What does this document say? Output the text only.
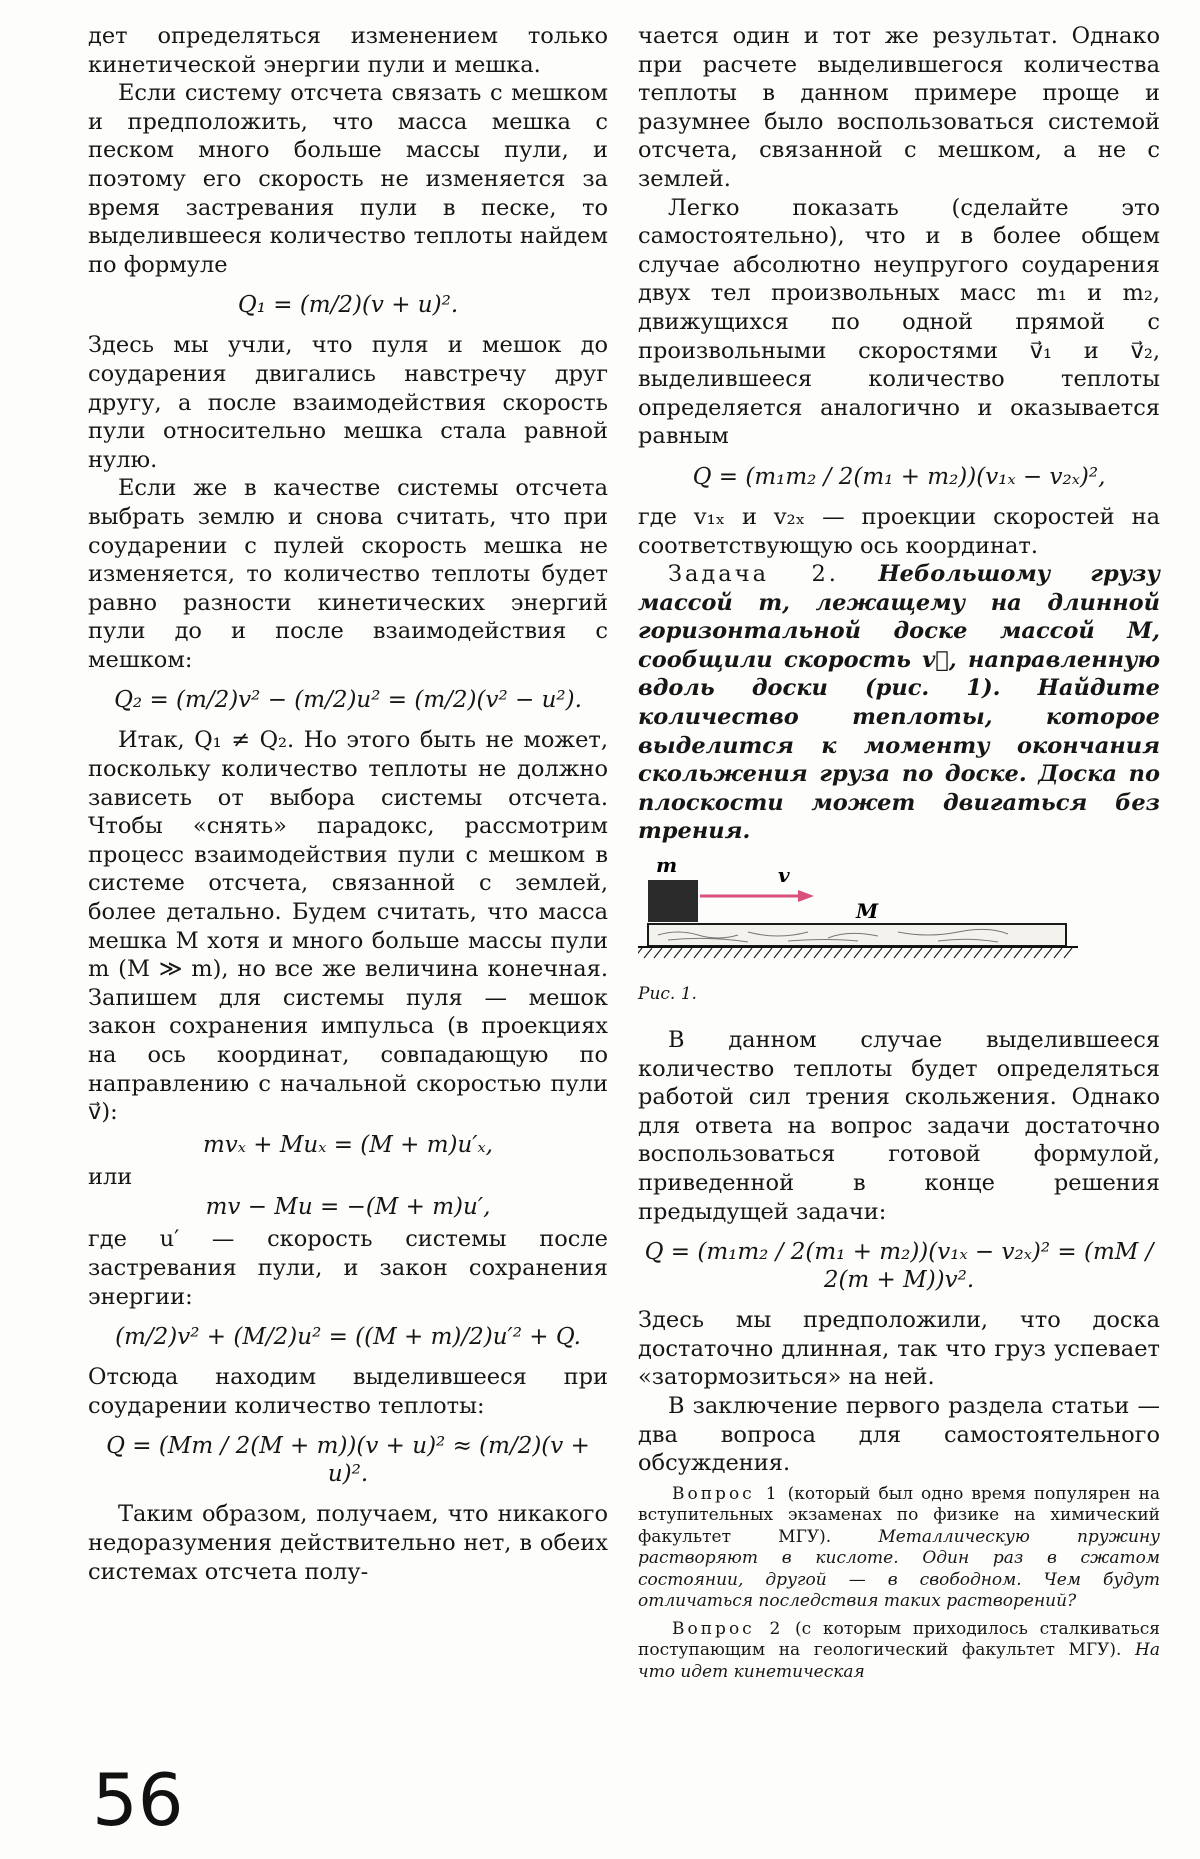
дет определяться изменением только кинетической энергии пули и мешка.

Если систему отсчета связать с мешком и предположить, что масса мешка с песком много больше массы пули, и поэтому его скорость не изменяется за время застревания пули в песке, то выделившееся количество теплоты найдем по формуле

Q₁ = (m/2)(v + u)².

Здесь мы учли, что пуля и мешок до соударения двигались навстречу друг другу, а после взаимодействия скорость пули относительно мешка стала равной нулю.

Если же в качестве системы отсчета выбрать землю и снова считать, что при соударении с пулей скорость мешка не изменяется, то количество теплоты будет равно разности кинетических энергий пули до и после взаимодействия с мешком:

Q₂ = (m/2)v² − (m/2)u² = (m/2)(v² − u²).

Итак, Q₁ ≠ Q₂. Но этого быть не может, поскольку количество теплоты не должно зависеть от выбора системы отсчета. Чтобы «снять» парадокс, рассмотрим процесс взаимодействия пули с мешком в системе отсчета, связанной с землей, более детально. Будем считать, что масса мешка M хотя и много больше массы пули m (M ≫ m), но все же величина конечная. Запишем для системы пуля — мешок закон сохранения импульса (в проекциях на ось координат, совпадающую по направлению с начальной скоростью пули v⃗):

mvₓ + Muₓ = (M + m)u′ₓ,

или

mv − Mu = −(M + m)u′,

где u′ — скорость системы после застревания пули, и закон сохранения энергии:

(m/2)v² + (M/2)u² = ((M + m)/2)u′² + Q.

Отсюда находим выделившееся при соударении количество теплоты:

Q = (Mm / 2(M + m))(v + u)² ≈ (m/2)(v + u)².

Таким образом, получаем, что никакого недоразумения действительно нет, в обеих системах отсчета полу-

чается один и тот же результат. Однако при расчете выделившегося количества теплоты в данном примере проще и разумнее было воспользоваться системой отсчета, связанной с мешком, а не с землей.

Легко показать (сделайте это самостоятельно), что и в более общем случае абсолютно неупругого соударения двух тел произвольных масс m₁ и m₂, движущихся по одной прямой с произвольными скоростями v⃗₁ и v⃗₂, выделившееся количество теплоты определяется аналогично и оказывается равным

Q = (m₁m₂ / 2(m₁ + m₂))(v₁ₓ − v₂ₓ)²,

где v₁ₓ и v₂ₓ — проекции скоростей на соответствующую ось координат.

Задача 2. Небольшому грузу массой m, лежащему на длинной горизонтальной доске массой M, сообщили скорость v⃗, направленную вдоль доски (рис. 1). Найдите количество теплоты, которое выделится к моменту окончания скольжения груза по доске. Доска по плоскости может двигаться без трения.

m	v
M
Рис. 1.

В данном случае выделившееся количество теплоты будет определяться работой сил трения скольжения. Однако для ответа на вопрос задачи достаточно воспользоваться готовой формулой, приведенной в конце решения предыдущей задачи:

Q = (m₁m₂ / 2(m₁ + m₂))(v₁ₓ − v₂ₓ)² = (mM / 2(m + M))v².

Здесь мы предположили, что доска достаточно длинная, так что груз успевает «затормозиться» на ней.

В заключение первого раздела статьи — два вопроса для самостоятельного обсуждения.

Вопрос 1 (который был одно время популярен на вступительных экзаменах по физике на химический факультет МГУ).	Металлическую пружину растворяют в кислоте. Один раз в сжатом состоянии, другой — в свободном. Чем будут отличаться последствия таких растворений?

Вопрос 2 (с которым приходилось сталкиваться поступающим на геологический факультет МГУ). На что идет кинетическая

56
